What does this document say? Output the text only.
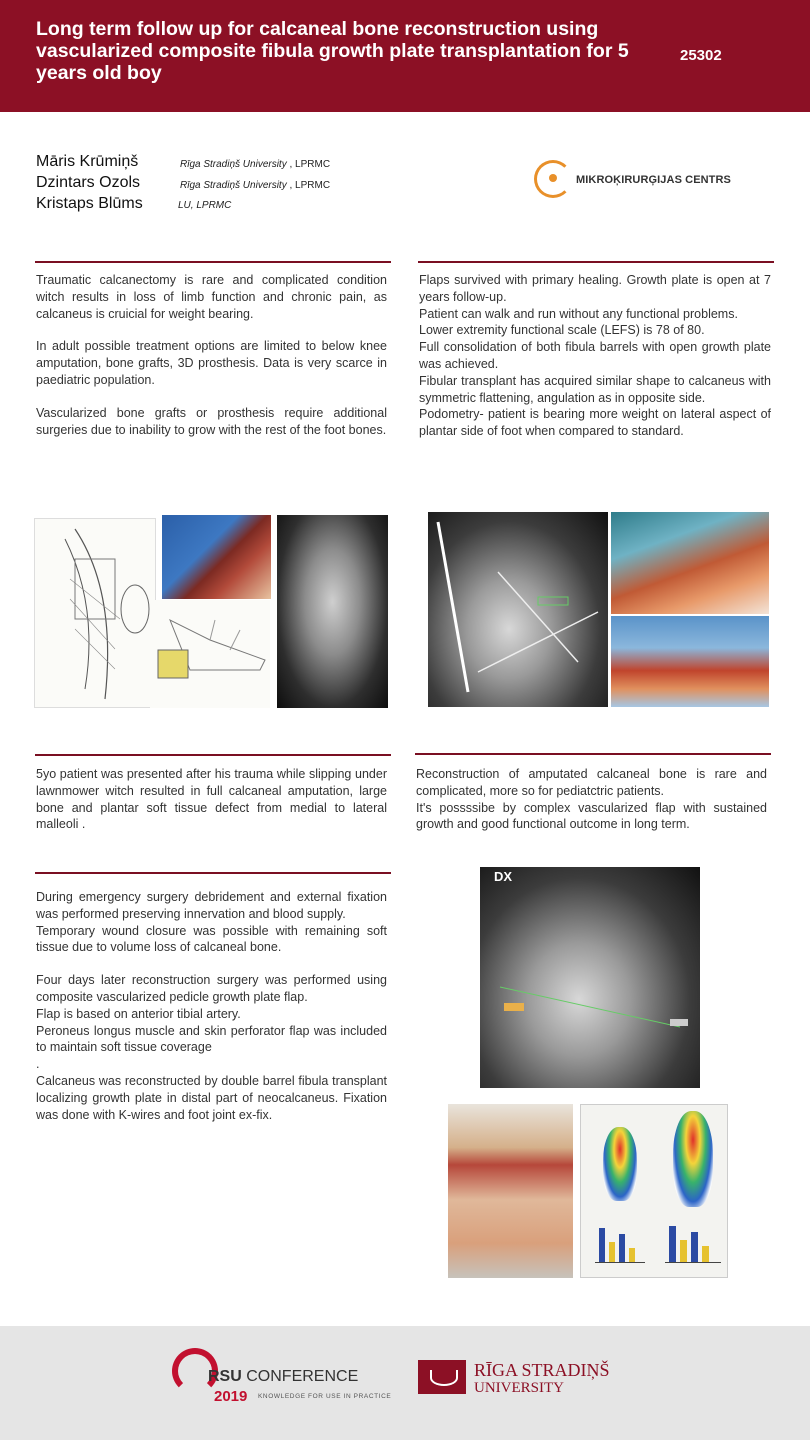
Long term follow up for calcaneal bone reconstruction using vascularized composite fibula growth plate transplantation for 5 years old boy
25302
Māris Krūmiņš	Rīga Stradiņš University , LPRMC
Dzintars Ozols	Rīga Stradiņš University , LPRMC
Kristaps Blūms	LU, LPRMC
MIKROĶIRURĢIJAS CENTRS

Traumatic calcanectomy is rare and complicated condition witch results in loss of limb function and chronic pain, as calcaneus is cruicial for weight bearing.

In adult possible treatment options are limited to below knee amputation, bone grafts, 3D prosthesis. Data is very scarce in paediatric population.

Vascularized bone grafts or prosthesis require additional surgeries due to inability to grow with the rest of the foot bones.

Flaps survived with primary healing. Growth plate is open at 7 years follow-up.

Patient can walk and run without any functional problems.

Lower extremity functional scale (LEFS) is 78 of 80.

Full consolidation of both fibula barrels with open growth plate was achieved.

Fibular transplant has acquired similar shape to calcaneus with symmetric flattening, angulation as in opposite side.

Podometry- patient is bearing more weight on lateral aspect of plantar side of foot when compared to standard.

5yo patient was presented after his trauma while slipping under lawnmower witch resulted in full calcaneal amputation, large bone and plantar soft tissue defect from medial to lateral malleoli .

Reconstruction of amputated calcaneal bone is rare and complicated, more so for pediatctric patients.

It's possssibe by complex vascularized flap with sustained growth and good functional outcome in long term.

During emergency surgery debridement and external fixation was performed preserving innervation and blood supply.

Temporary wound closure was possible with remaining soft tissue due to volume loss of calcaneal bone.

Four days later reconstruction surgery was performed using composite vascularized pedicle growth plate flap.

Flap is based on anterior tibial artery.

Peroneus longus muscle and skin perforator flap was included to maintain soft tissue coverage

.

Calcaneus was reconstructed by double barrel fibula transplant localizing growth plate in distal part of neocalcaneus. Fixation was done with K-wires and foot joint ex-fix.

DX
RSU CONFERENCE
2019 KNOWLEDGE FOR USE IN PRACTICE
RĪGA STRADIŅŠ
UNIVERSITY
